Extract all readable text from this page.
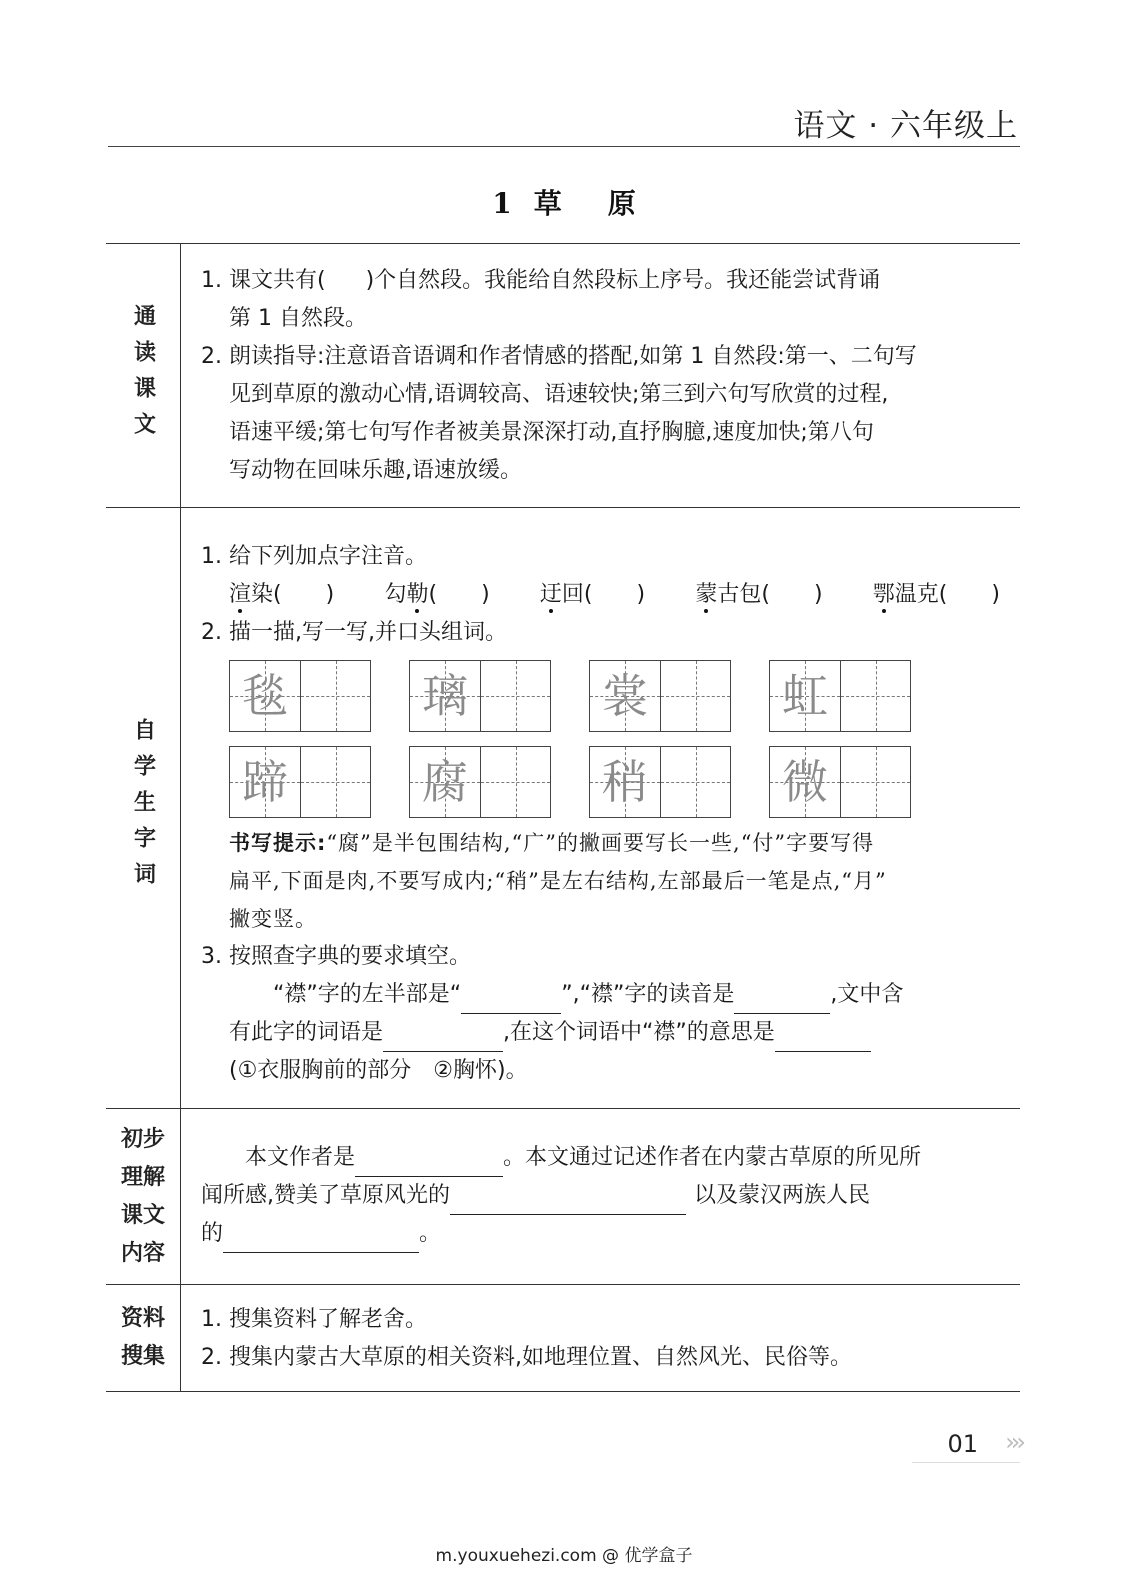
语文 · 六年级上
1 草 原
通读课文
1. 课文共有( )个自然段。我能给自然段标上序号。我还能尝试背诵
第 1 自然段。
2. 朗读指导:注意语音语调和作者情感的搭配,如第 1 自然段:第一、二句写
见到草原的激动心情,语调较高、语速较快;第三到六句写欣赏的过程,
语速平缓;第七句写作者被美景深深打动,直抒胸臆,速度加快;第八句
写动物在回味乐趣,语速放缓。
自学生字词
1. 给下列加点字注音。
渲染( ) 勾勒( ) 迂回( ) 蒙古包( ) 鄂温克( )
2. 描一描,写一写,并口头组词。
毯	璃	裳	虹
蹄	腐	稍	微
书写提示:“腐”是半包围结构,“广”的撇画要写长一些,“付”字要写得
扁平,下面是肉,不要写成内;“稍”是左右结构,左部最后一笔是点,“月”
撇变竖。
3. 按照查字典的要求填空。
“襟”字的左半部是“	”,“襟”字的读音是	,文中含
有此字的词语是	,在这个词语中“襟”的意思是
(①衣服胸前的部分　②胸怀)。
初步
理解
课文
内容
本文作者是	。本文通过记述作者在内蒙古草原的所见所
闻所感,赞美了草原风光的	以及蒙汉两族人民
的	。
资料
搜集
1. 搜集资料了解老舍。
2. 搜集内蒙古大草原的相关资料,如地理位置、自然风光、民俗等。
01 ›››
m.youxuehezi.com @ 优学盒子
